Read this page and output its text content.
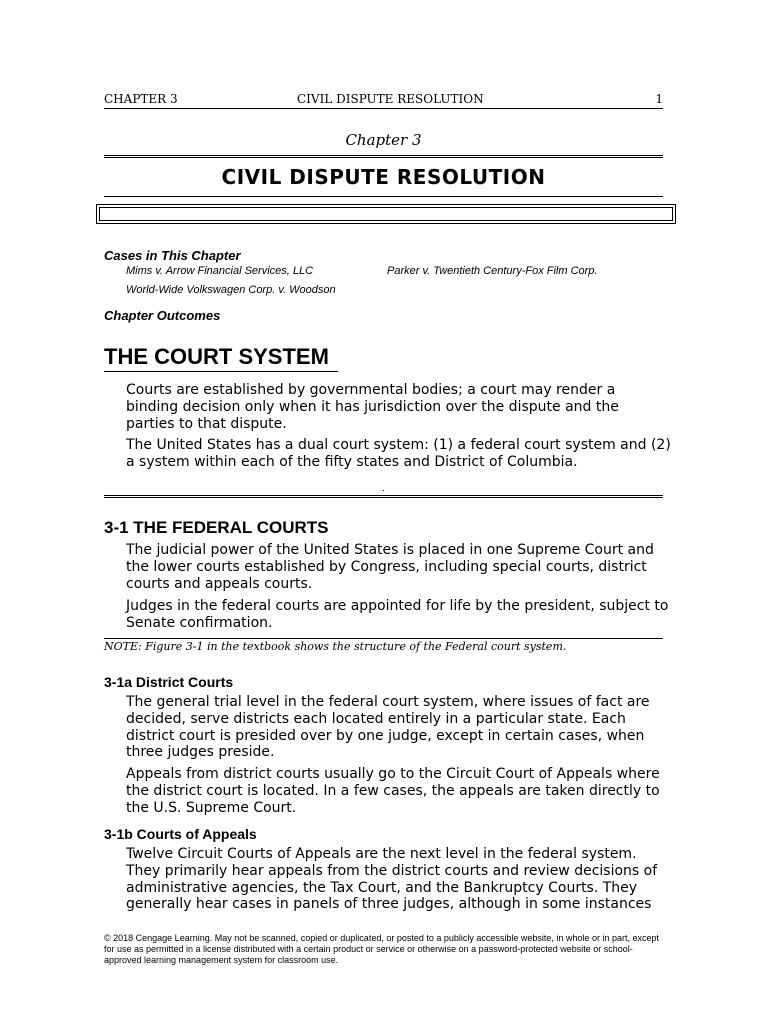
CHAPTER 3	CIVIL DISPUTE RESOLUTION	1
Chapter 3
CIVIL DISPUTE RESOLUTION
Cases in This Chapter
Mims v. Arrow Financial Services, LLC	Parker v. Twentieth Century-Fox Film Corp.
World-Wide Volkswagen Corp. v. Woodson
Chapter Outcomes
THE COURT SYSTEM
Courts are established by governmental bodies; a court may render a binding decision only when it has jurisdiction over the dispute and the parties to that dispute.
The United States has a dual court system: (1) a federal court system and (2) a system within each of the fifty states and District of Columbia.
.
3-1 THE FEDERAL COURTS
The judicial power of the United States is placed in one Supreme Court and the lower courts established by Congress, including special courts, district courts and appeals courts.
Judges in the federal courts are appointed for life by the president, subject to Senate confirmation.
NOTE: Figure 3-1 in the textbook shows the structure of the Federal court system.
3-1a District Courts
The general trial level in the federal court system, where issues of fact are decided, serve districts each located entirely in a particular state. Each district court is presided over by one judge, except in certain cases, when three judges preside.
Appeals from district courts usually go to the Circuit Court of Appeals where the district court is located. In a few cases, the appeals are taken directly to the U.S. Supreme Court.
3-1b Courts of Appeals
Twelve Circuit Courts of Appeals are the next level in the federal system. They primarily hear appeals from the district courts and review decisions of administrative agencies, the Tax Court, and the Bankruptcy Courts. They generally hear cases in panels of three judges, although in some instances
© 2018 Cengage Learning. May not be scanned, copied or duplicated, or posted to a publicly accessible website, in whole or in part, except for use as permitted in a license distributed with a certain product or service or otherwise on a password-protected website or school-approved learning management system for classroom use.
